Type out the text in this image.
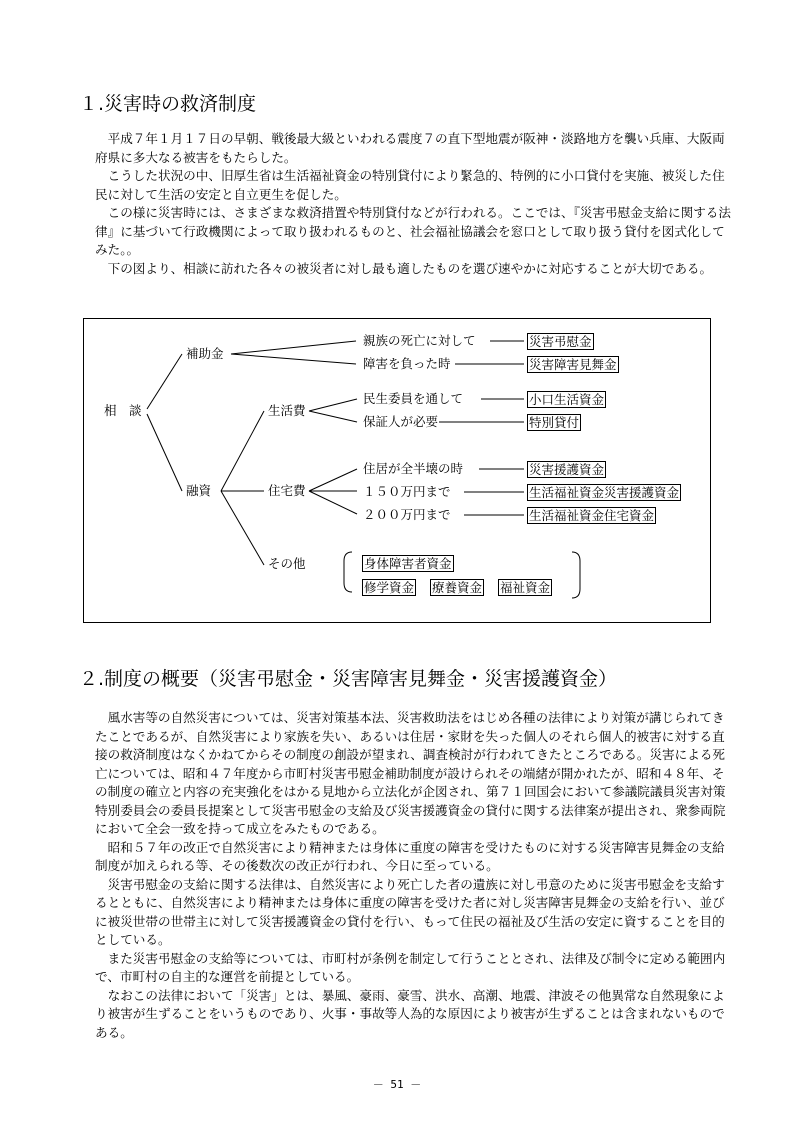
１.災害時の救済制度

平成７年１月１７日の早朝、戦後最大級といわれる震度７の直下型地震が阪神・淡路地方を襲い兵庫、大阪両府県に多大なる被害をもたらした。

こうした状況の中、旧厚生省は生活福祉資金の特別貸付により緊急的、特例的に小口貸付を実施、被災した住民に対して生活の安定と自立更生を促した。

この様に災害時には、さまざまな救済措置や特別貸付などが行われる。ここでは、『災害弔慰金支給に関する法律』に基づいて行政機関によって取り扱われるものと、社会福祉協議会を窓口として取り扱う貸付を図式化してみた。。

下の図より、相談に訪れた各々の被災者に対し最も適したものを選び速やかに対応することが大切である。

相　談
補助金
融資
生活費
住宅費
その他
親族の死亡に対して
障害を負った時
民生委員を通して
保証人が必要
住居が全半壊の時
１５０万円まで
２００万円まで
災害弔慰金
災害障害見舞金
小口生活資金
特別貸付
災害援護資金
生活福祉資金災害援護資金
生活福祉資金住宅資金
身体障害者資金
修学資金 療養資金 福祉資金
２.制度の概要（災害弔慰金・災害障害見舞金・災害援護資金）

風水害等の自然災害については、災害対策基本法、災害救助法をはじめ各種の法律により対策が講じられてきたことであるが、自然災害により家族を失い、あるいは住居・家財を失った個人のそれら個人的被害に対する直接の救済制度はなくかねてからその制度の創設が望まれ、調査検討が行われてきたところである。災害による死亡については、昭和４７年度から市町村災害弔慰金補助制度が設けられその端緒が開かれたが、昭和４８年、その制度の確立と内容の充実強化をはかる見地から立法化が企図され、第７１回国会において参議院議員災害対策特別委員会の委員長提案として災害弔慰金の支給及び災害援護資金の貸付に関する法律案が提出され、衆参両院において全会一致を持って成立をみたものである。

昭和５７年の改正で自然災害により精神または身体に重度の障害を受けたものに対する災害障害見舞金の支給制度が加えられる等、その後数次の改正が行われ、今日に至っている。

災害弔慰金の支給に関する法律は、自然災害により死亡した者の遺族に対し弔意のために災害弔慰金を支給するとともに、自然災害により精神または身体に重度の障害を受けた者に対し災害障害見舞金の支給を行い、並びに被災世帯の世帯主に対して災害援護資金の貸付を行い、もって住民の福祉及び生活の安定に資することを目的としている。

また災害弔慰金の支給等については、市町村が条例を制定して行うこととされ、法律及び制令に定める範囲内で、市町村の自主的な運営を前提としている。

なおこの法律において「災害」とは、暴風、豪雨、豪雪、洪水、高潮、地震、津波その他異常な自然現象により被害が生ずることをいうものであり、火事・事故等人為的な原因により被害が生ずることは含まれないものである。

－ 51 －
